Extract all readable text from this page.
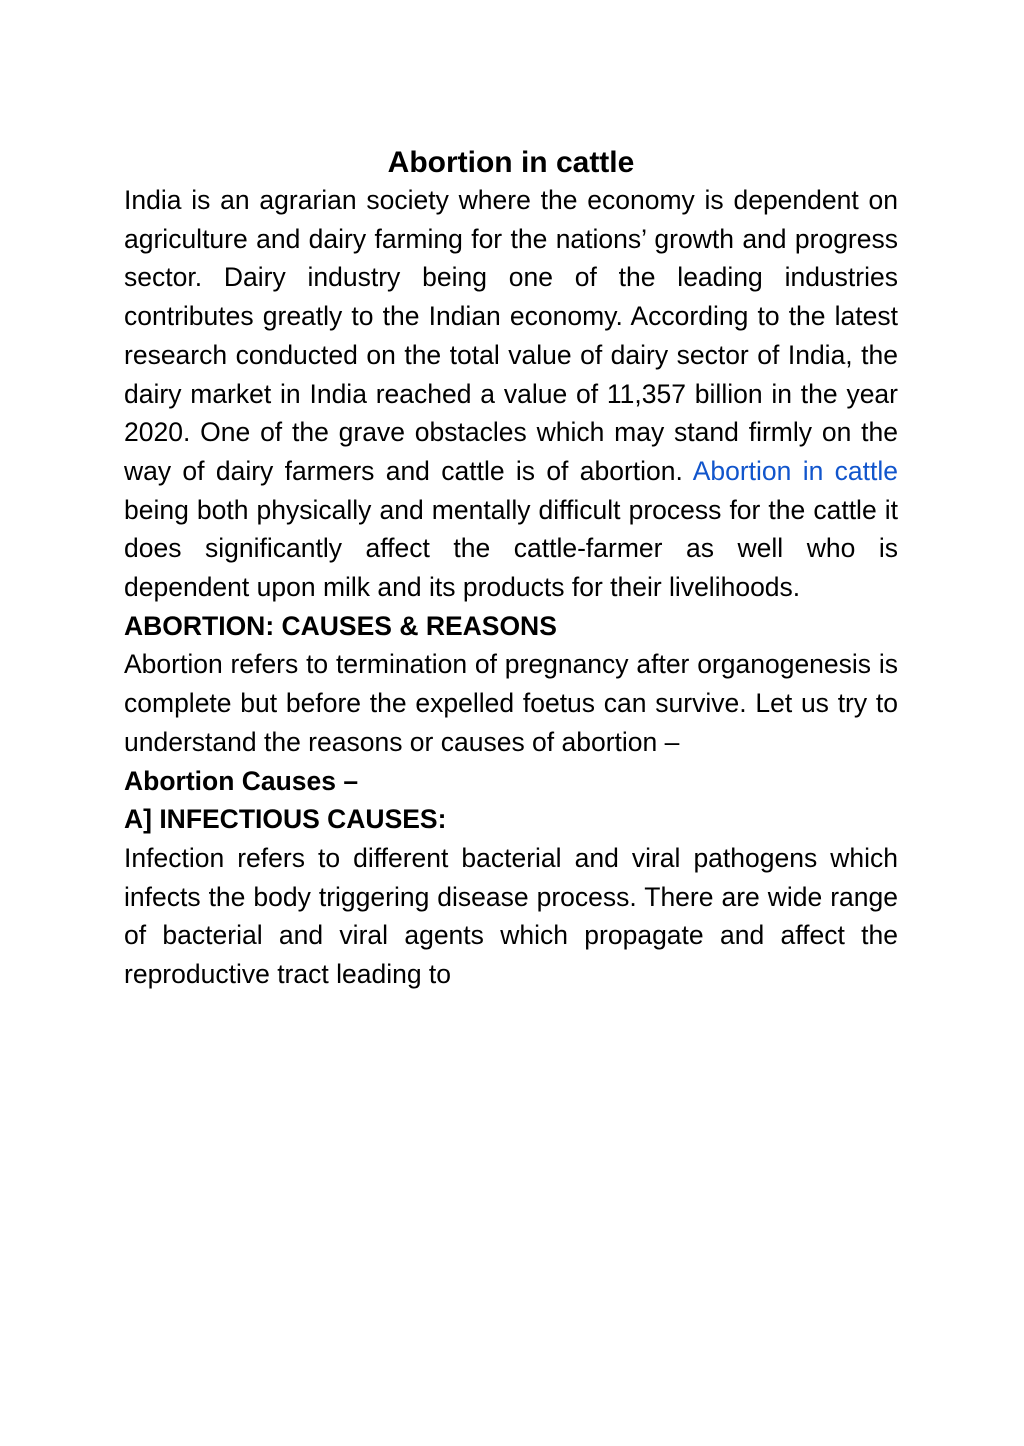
Abortion in cattle

India is an agrarian society where the economy is dependent on agriculture and dairy farming for the nations’ growth and progress sector. Dairy industry being one of the leading industries contributes greatly to the Indian economy. According to the latest research conducted on the total value of dairy sector of India, the dairy market in India reached a value of 11,357 billion in the year 2020. One of the grave obstacles which may stand firmly on the way of dairy farmers and cattle is of abortion. Abortion in cattle being both physically and mentally difficult process for the cattle it does significantly affect the cattle-farmer as well who is dependent upon milk and its products for their livelihoods.

ABORTION: CAUSES & REASONS

Abortion refers to termination of pregnancy after organogenesis is complete but before the expelled foetus can survive. Let us try to understand the reasons or causes of abortion –

Abortion Causes –
A] INFECTIOUS CAUSES:

Infection refers to different bacterial and viral pathogens which infects the body triggering disease process. There are wide range of bacterial and viral agents which propagate and affect the reproductive tract leading to
